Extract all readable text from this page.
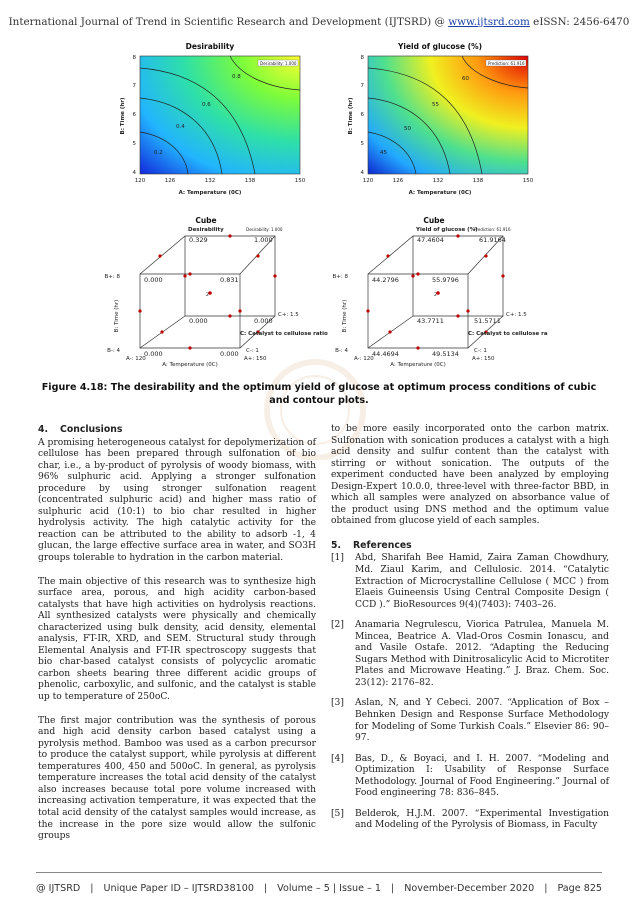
International Journal of Trend in Scientific Research and Development (IJTSRD) @ www.ijtsrd.com eISSN: 2456-6470
Desirability
0.8
0.6
0.4
0.2
Desirability: 1.000
120	126	132	138	150
4
5
6
7
8
A: Temperature (0C)
B: Time (hr)
Yield of glucose (%)
60
55
50
45
Prediction: 61.916
120	126	132	138	150
4
5
6
7
8
A: Temperature (0C)
B: Time (hr)
Cube
Desirability	Desirability: 1.000
0.329	1.000
0.000	0.831
0.000	0.000
0.000	0.000
2
B+: 8
B-: 4
B: Time (hr)
A-: 120	A+: 150
A: Temperature (0C)
C+: 1.5
C-: 1
C: Catalyst to cellulose ratio
Cube
Yield of glucose (%)
Prediction: 61.916
47.4604	61.9164
44.2796	55.9796
43.7711	51.5711
44.4694	49.5134
2
B+: 8
B-: 4
B: Time (hr)
A-: 120	A+: 150
A: Temperature (0C)
C+: 1.5
C-: 1
C: Catalyst to cellulose ra
Figure 4.18: The desirability and the optimum yield of glucose at optimum process conditions of cubic and contour plots.
4. Conclusions

A promising heterogeneous catalyst for depolymerization of cellulose has been prepared through sulfonation of bio char, i.e., a by-product of pyrolysis of woody biomass, with 96% sulphuric acid. Applying a stronger sulfonation procedure by using stronger sulfonation reagent (concentrated sulphuric acid) and higher mass ratio of sulphuric acid (10:1) to bio char resulted in higher hydrolysis activity. The high catalytic activity for the reaction can be attributed to the ability to adsorb -1, 4 glucan, the large effective surface area in water, and SO3H groups tolerable to hydration in the carbon material.

The main objective of this research was to synthesize high surface area, porous, and high acidity carbon-based catalysts that have high activities on hydrolysis reactions. All synthesized catalysts were physically and chemically characterized using bulk density, acid density, elemental analysis, FT-IR, XRD, and SEM. Structural study through Elemental Analysis and FT-IR spectroscopy suggests that bio char-based catalyst consists of polycyclic aromatic carbon sheets bearing three different acidic groups of phenolic, carboxylic, and sulfonic, and the catalyst is stable up to temperature of 250oC.

The first major contribution was the synthesis of porous and high acid density carbon based catalyst using a pyrolysis method. Bamboo was used as a carbon precursor to produce the catalyst support, while pyrolysis at different temperatures 400, 450 and 500oC. In general, as pyrolysis temperature increases the total acid density of the catalyst also increases because total pore volume increased with increasing activation temperature, it was expected that the total acid density of the catalyst samples would increase, as the increase in the pore size would allow the sulfonic groups

to be more easily incorporated onto the carbon matrix. Sulfonation with sonication produces a catalyst with a high acid density and sulfur content than the catalyst with stirring or without sonication. The outputs of the experiment conducted have been analyzed by employing Design-Expert 10.0.0, three-level with three-factor BBD, in which all samples were analyzed on absorbance value of the product using DNS method and the optimum value obtained from glucose yield of each samples.

5. References
[1]	Abd, Sharifah Bee Hamid, Zaira Zaman Chowdhury, Md. Ziaul Karim, and Cellulosic. 2014. “Catalytic Extraction of Microcrystalline Cellulose ( MCC ) from Elaeis Guineensis Using Central Composite Design ( CCD ).” BioResources 9(4)(7403): 7403–26.
[2]	Anamaria Negrulescu, Viorica Patrulea, Manuela M. Mincea, Beatrice A. Vlad-Oros Cosmin Ionascu, and and Vasile Ostafe. 2012. “Adapting the Reducing Sugars Method with Dinitrosalicylic Acid to Microtiter Plates and Microwave Heating.” J. Braz. Chem. Soc. 23(12): 2176–82.
[3]	Aslan, N, and Y Cebeci. 2007. “Application of Box – Behnken Design and Response Surface Methodology for Modeling of Some Turkish Coals.” Elsevier 86: 90–97.
[4]	Bas, D., & Boyaci, and I. H. 2007. “Modeling and Optimization I: Usability of Response Surface Methodology. Journal of Food Engineering.” Journal of Food engineering 78: 836–845.
[5]	Belderok, H.J.M. 2007. “Experimental Investigation and Modeling of the Pyrolysis of Biomass, in Faculty
@ IJTSRD | Unique Paper ID – IJTSRD38100 | Volume – 5 | Issue – 1 | November-December 2020 | Page 825
